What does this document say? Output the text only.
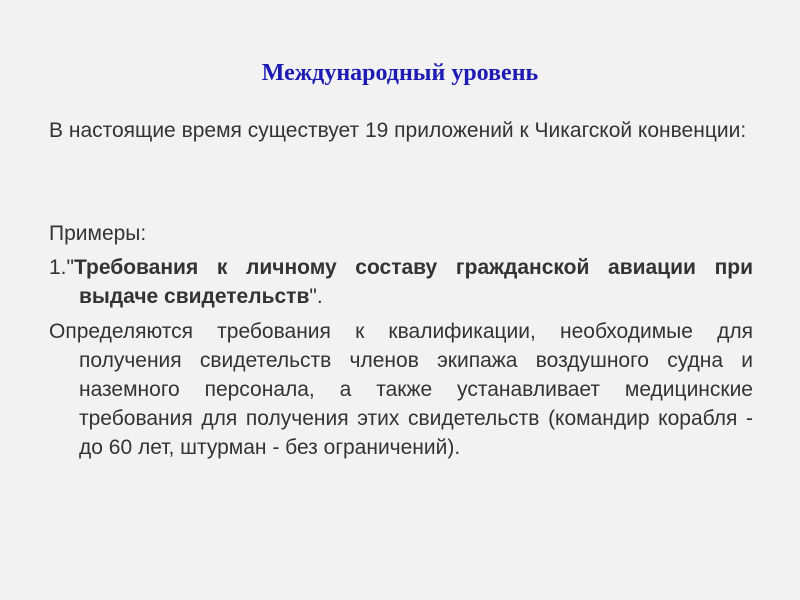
Международный уровень

В настоящие время существует 19 приложений к Чикагской конвенции:

Примеры:

1."Требования к личному составу гражданской авиации при выдаче свидетельств".

Определяются требования к квалификации, необходимые для получения свидетельств членов экипажа воздушного судна и наземного персонала, а также устанавливает медицинские требования для получения этих свидетельств (командир корабля - до 60 лет, штурман - без ограничений).
